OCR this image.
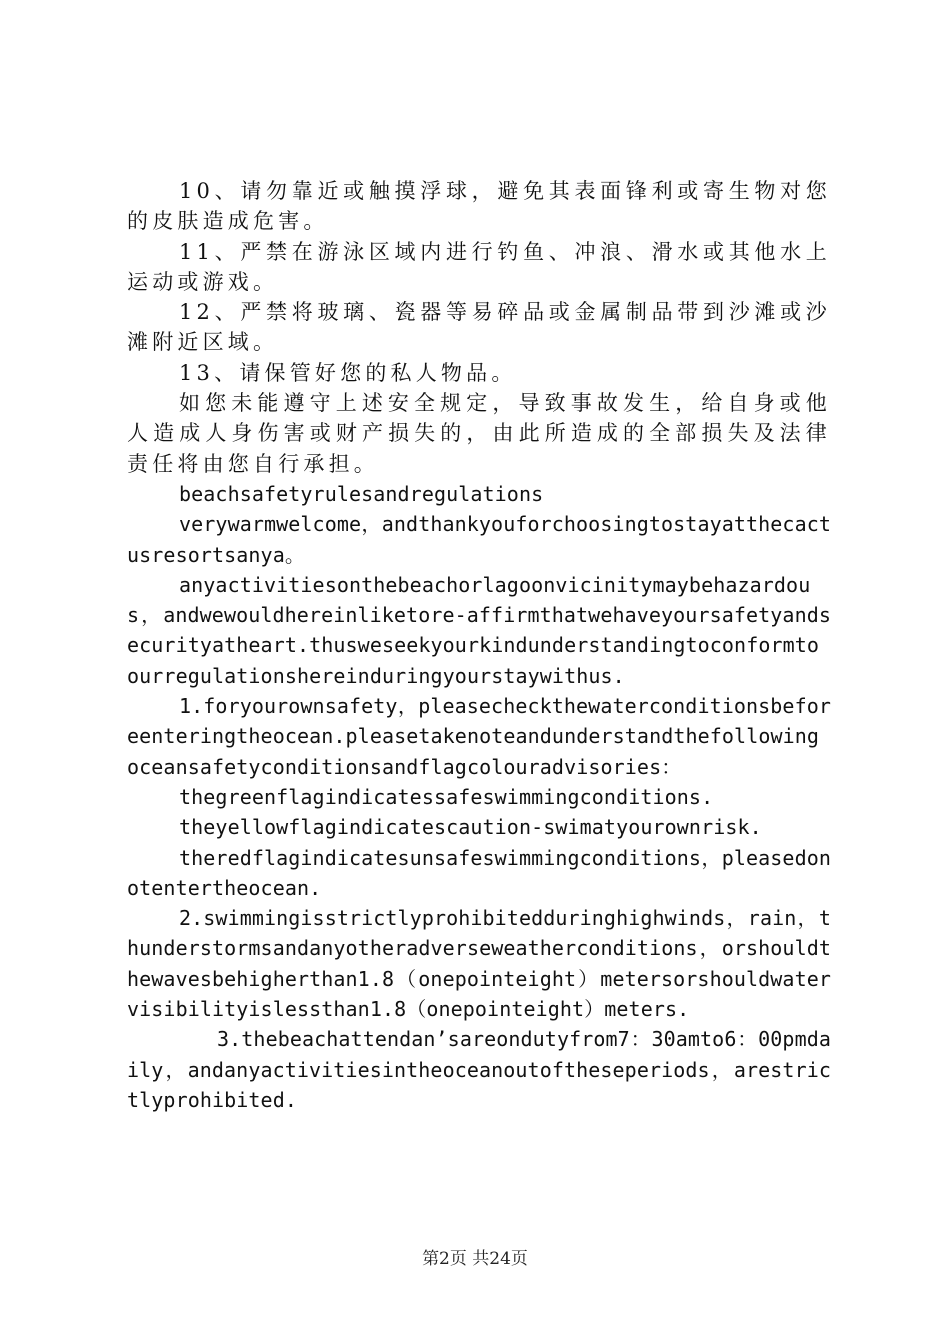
10、请勿靠近或触摸浮球，避免其表面锋利或寄生物对您的皮肤造成危害。

11、严禁在游泳区域内进行钓鱼、冲浪、滑水或其他水上运动或游戏。

12、严禁将玻璃、瓷器等易碎品或金属制品带到沙滩或沙滩附近区域。

13、请保管好您的私人物品。

如您未能遵守上述安全规定，导致事故发生，给自身或他人造成人身伤害或财产损失的，由此所造成的全部损失及法律责任将由您自行承担。

beachsafetyrulesandregulations

verywarmwelcome，andthankyouforchoosingtostayatthecactusresortsanya。

anyactivitiesonthebeachorlagoonvicinitymaybehazardous，andwewouldhereinliketore-affirmthatwehaveyoursafetyandsecurityatheart.thusweseekyourkindunderstandingtoconformtoourregulationshereinduringyourstaywithus.

1.foryourownsafety，pleasecheckthewaterconditionsbeforeenteringtheocean.pleasetakenoteandunderstandthefollowingoceansafetyconditionsandflagcolouradvisories：

thegreenflagindicatessafeswimmingconditions.

theyellowflagindicatescaution-swimatyourownrisk.

theredflagindicatesunsafeswimmingconditions，pleasedonotentertheocean.

2.swimmingisstrictlyprohibitedduringhighwinds，rain，thunderstormsandanyotheradverseweatherconditions，orshouldthewavesbehigherthan1.8（onepointeight）metersorshouldwatervisibilityislessthan1.8（onepointeight）meters.

3.thebeachattendan’sareondutyfrom7：30amto6：00pmdaily，andanyactivitiesintheoceanoutoftheseperiods，arestrictlyprohibited.

第2页 共24页
